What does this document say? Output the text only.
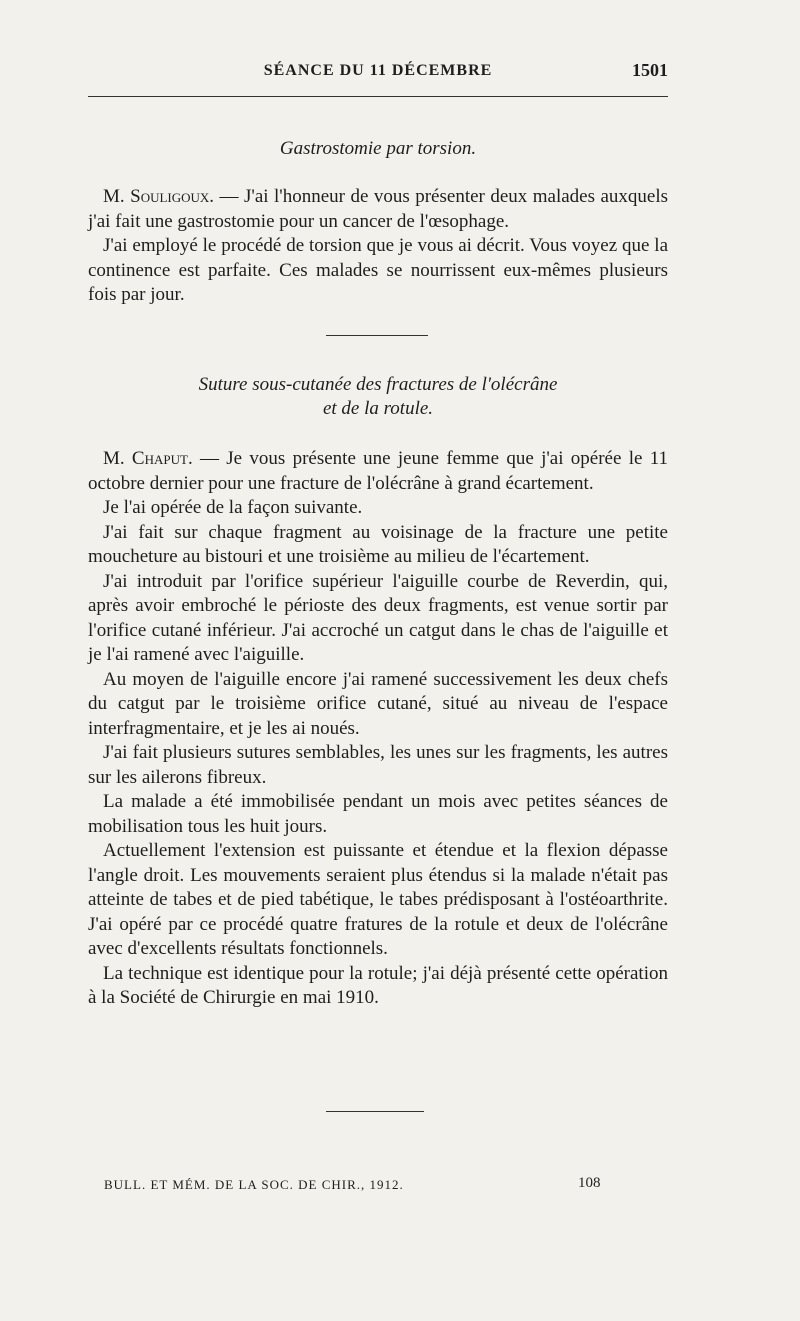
SÉANCE DU 11 DÉCEMBRE	1501
Gastrostomie par torsion.

M. Souligoux. — J'ai l'honneur de vous présenter deux malades auxquels j'ai fait une gastrostomie pour un cancer de l'œsophage.

J'ai employé le procédé de torsion que je vous ai décrit. Vous voyez que la continence est parfaite. Ces malades se nourrissent eux-mêmes plusieurs fois par jour.

Suture sous-cutanée des fractures de l'olécrâne
et de la rotule.

M. Chaput. — Je vous présente une jeune femme que j'ai opérée le 11 octobre dernier pour une fracture de l'olécrâne à grand écartement.

Je l'ai opérée de la façon suivante.

J'ai fait sur chaque fragment au voisinage de la fracture une petite moucheture au bistouri et une troisième au milieu de l'écartement.

J'ai introduit par l'orifice supérieur l'aiguille courbe de Reverdin, qui, après avoir embroché le périoste des deux fragments, est venue sortir par l'orifice cutané inférieur. J'ai accroché un catgut dans le chas de l'aiguille et je l'ai ramené avec l'aiguille.

Au moyen de l'aiguille encore j'ai ramené successivement les deux chefs du catgut par le troisième orifice cutané, situé au niveau de l'espace interfragmentaire, et je les ai noués.

J'ai fait plusieurs sutures semblables, les unes sur les fragments, les autres sur les ailerons fibreux.

La malade a été immobilisée pendant un mois avec petites séances de mobilisation tous les huit jours.

Actuellement l'extension est puissante et étendue et la flexion dépasse l'angle droit. Les mouvements seraient plus étendus si la malade n'était pas atteinte de tabes et de pied tabétique, le tabes prédisposant à l'ostéoarthrite. J'ai opéré par ce procédé quatre fratures de la rotule et deux de l'olécrâne avec d'excellents résultats fonctionnels.

La technique est identique pour la rotule; j'ai déjà présenté cette opération à la Société de Chirurgie en mai 1910.

BULL. ET MÉM. DE LA SOC. DE CHIR., 1912.	108
